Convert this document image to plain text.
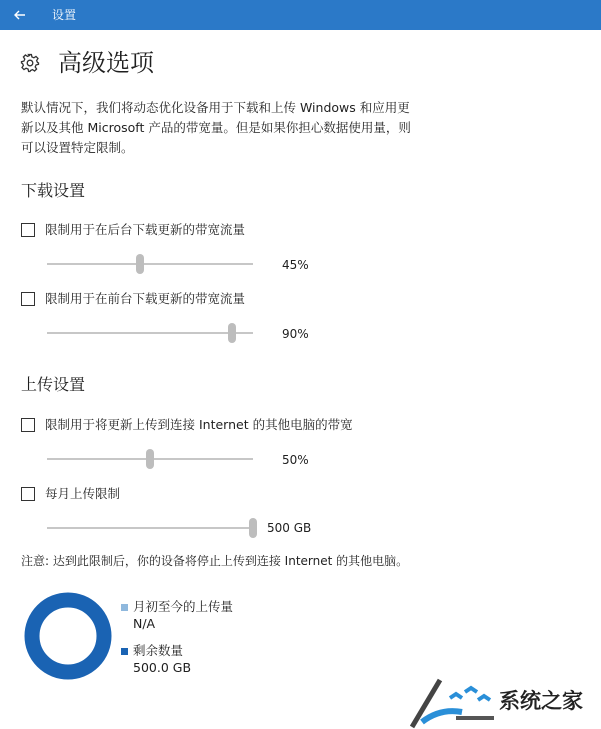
设置
高级选项
默认情况下，我们将动态优化设备用于下载和上传 Windows 和应用更新以及其他 Microsoft 产品的带宽量。但是如果你担心数据使用量，则可以设置特定限制。
下载设置
限制用于在后台下载更新的带宽流量
45%
限制用于在前台下载更新的带宽流量
90%
上传设置
限制用于将更新上传到连接 Internet 的其他电脑的带宽
50%
每月上传限制
500 GB
注意: 达到此限制后，你的设备将停止上传到连接 Internet 的其他电脑。
月初至今的上传量
N/A
剩余数量
500.0 GB
系统之家
